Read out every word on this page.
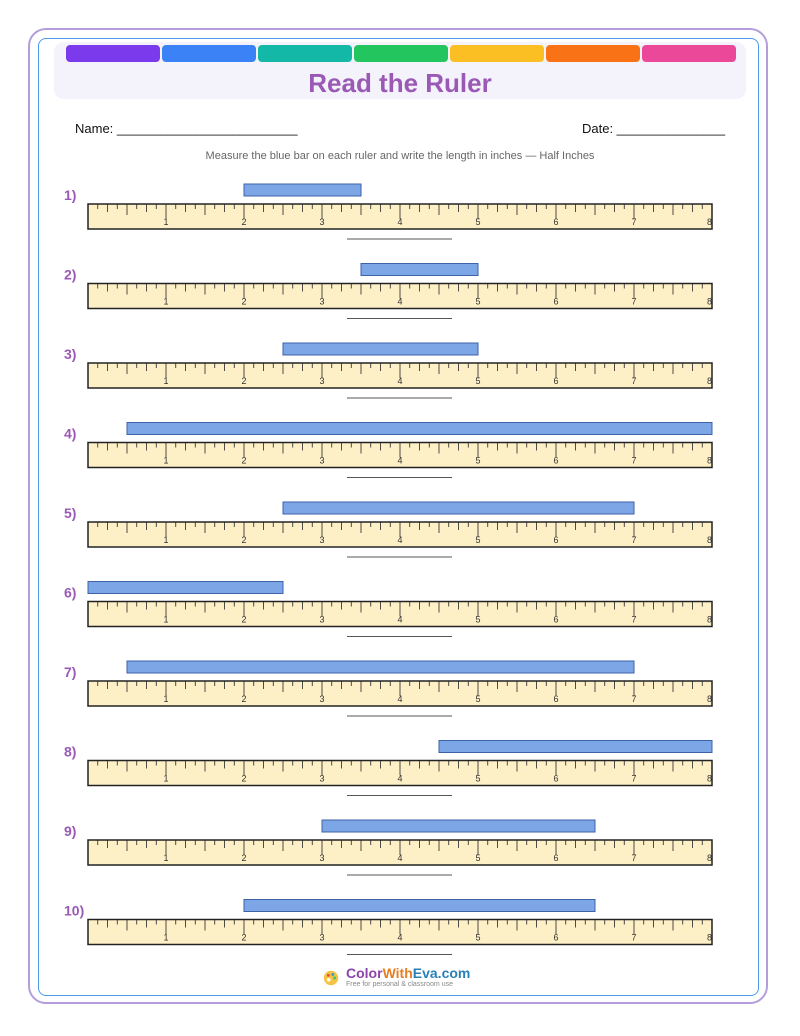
Read the Ruler
Name: _________________________	Date: _______________
Measure the blue bar on each ruler and write the length in inches — Half Inches
1)
1	2	3	4	5	6	7	8
2)
1	2	3	4	5	6	7	8
3)
1	2	3	4	5	6	7	8
4)
1	2	3	4	5	6	7	8
5)
1	2	3	4	5	6	7	8
6)
1	2	3	4	5	6	7	8
7)
1	2	3	4	5	6	7	8
8)
1	2	3	4	5	6	7	8
9)
1	2	3	4	5	6	7	8
10)
1	2	3	4	5	6	7	8
ColorWithEva.com
Free for personal & classroom use
